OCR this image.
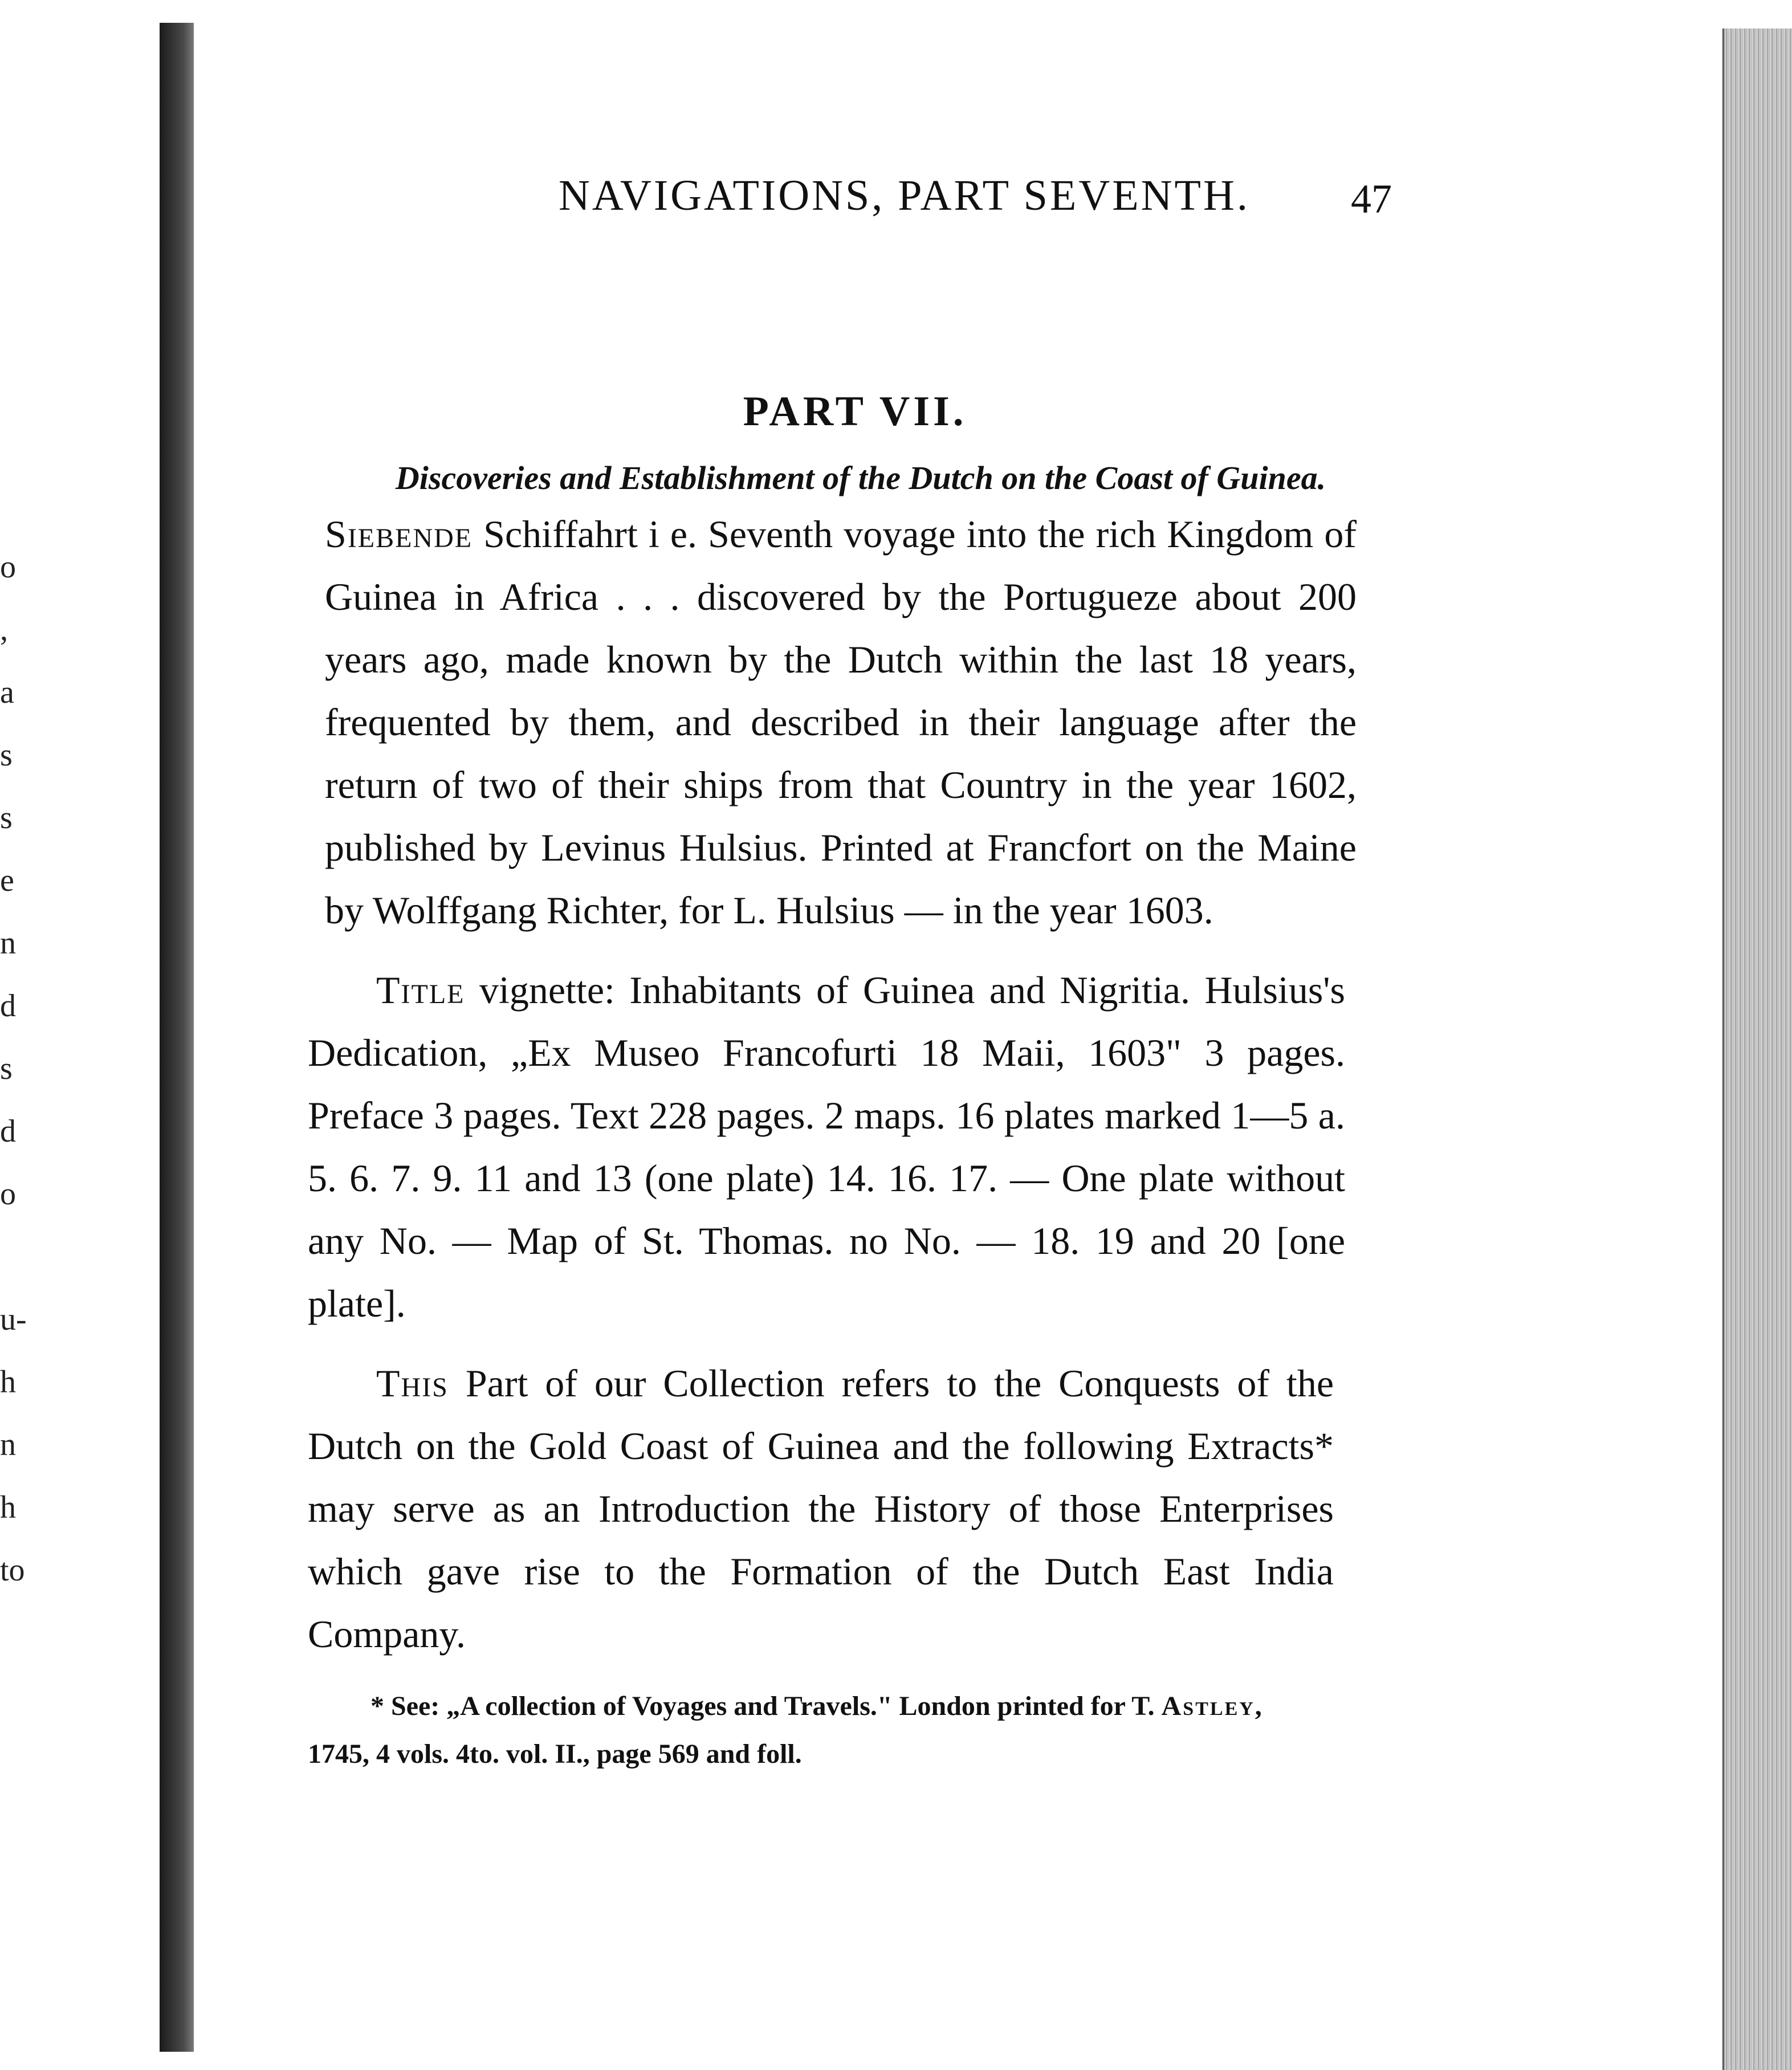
o
,
a
s
s
e
n
d
s
d
o

u-
h
n
h
to
NAVIGATIONS, PART SEVENTH. 47
PART VII.
Discoveries and Establishment of the Dutch on the Coast of Guinea.

Siebende Schiffahrt i e. Seventh voyage into the rich Kingdom of Guinea in Africa . . . discovered by the Portugueze about 200 years ago, made known by the Dutch within the last 18 years, frequented by them, and described in their language after the return of two of their ships from that Country in the year 1602, published by Levinus Hulsius. Printed at Francfort on the Maine by Wolffgang Richter, for L. Hulsius — in the year 1603.

Title vignette: Inhabitants of Guinea and Nigritia. Hulsius's Dedication, „Ex Museo Francofurti 18 Maii, 1603" 3 pages. Preface 3 pages. Text 228 pages. 2 maps. 16 plates marked 1—5 a. 5. 6. 7. 9. 11 and 13 (one plate) 14. 16. 17. — One plate without any No. — Map of St. Thomas. no No. — 18. 19 and 20 [one plate].

This Part of our Collection refers to the Conquests of the Dutch on the Gold Coast of Guinea and the following Extracts* may serve as an Introduction the History of those Enterprises which gave rise to the Formation of the Dutch East India Company.

* See: „A collection of Voyages and Travels." London printed for T. Astley,
1745, 4 vols. 4to. vol. II., page 569 and foll.
